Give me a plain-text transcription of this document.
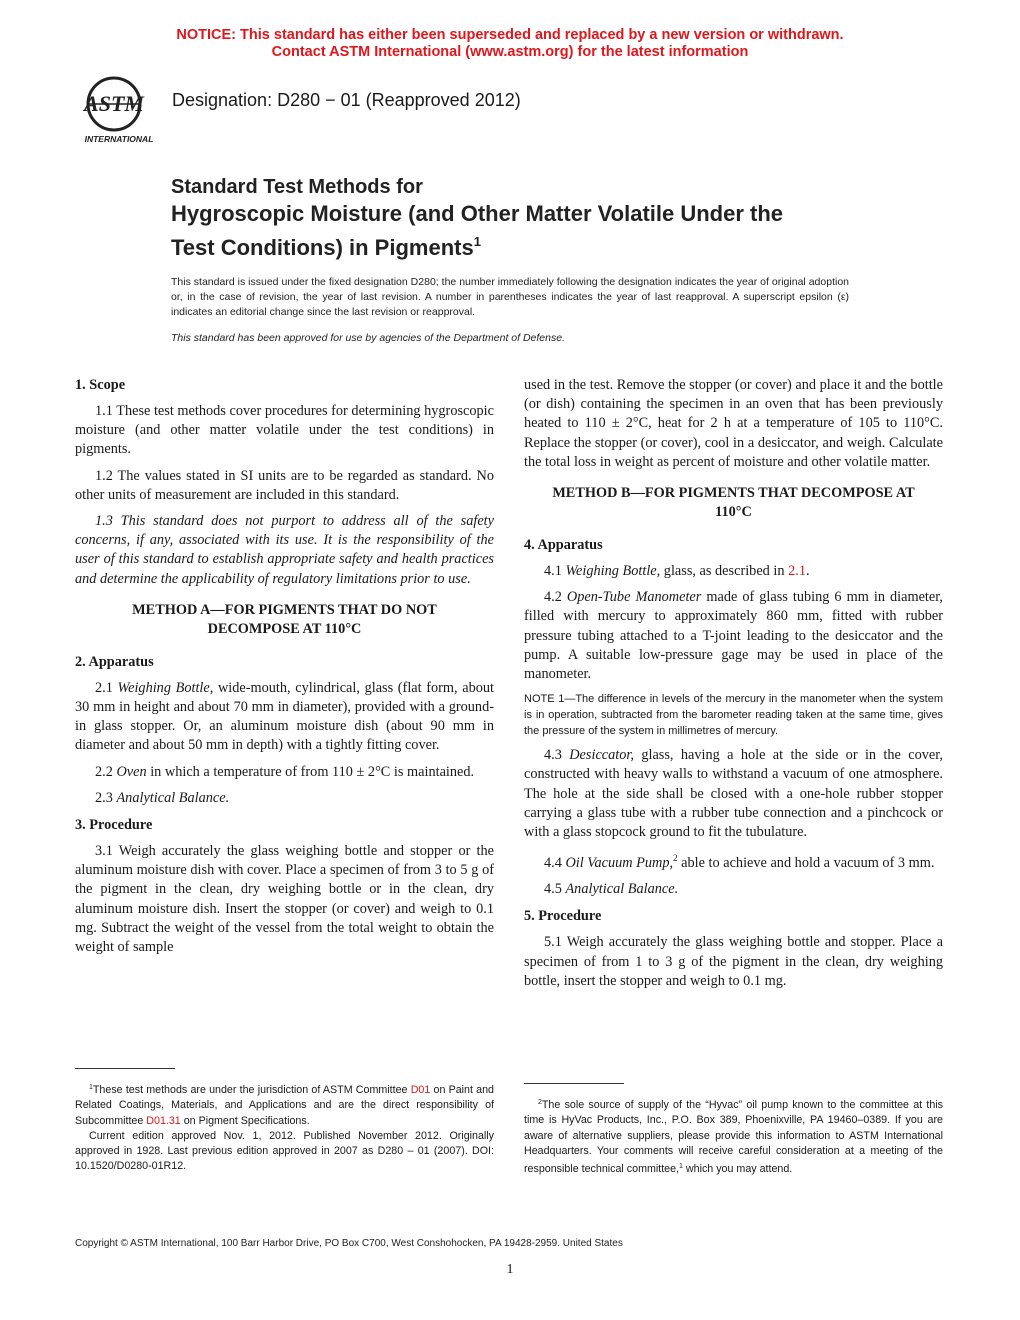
NOTICE: This standard has either been superseded and replaced by a new version or withdrawn.
Contact ASTM International (www.astm.org) for the latest information
ASTM
INTERNATIONAL
Designation: D280 − 01 (Reapproved 2012)
Standard Test Methods for
Hygroscopic Moisture (and Other Matter Volatile Under the
Test Conditions) in Pigments$^1$
This standard is issued under the fixed designation D280; the number immediately following the designation indicates the year of original adoption or, in the case of revision, the year of last revision. A number in parentheses indicates the year of last reapproval. A superscript epsilon (ε) indicates an editorial change since the last revision or reapproval.
This standard has been approved for use by agencies of the Department of Defense.
1. Scope

1.1 These test methods cover procedures for determining hygroscopic moisture (and other matter volatile under the test conditions) in pigments.

1.2 The values stated in SI units are to be regarded as standard. No other units of measurement are included in this standard.

1.3 This standard does not purport to address all of the safety concerns, if any, associated with its use. It is the responsibility of the user of this standard to establish appropriate safety and health practices and determine the applicability of regulatory limitations prior to use.

METHOD A—FOR PIGMENTS THAT DO NOT DECOMPOSE AT 110°C
2. Apparatus

2.1 Weighing Bottle, wide-mouth, cylindrical, glass (flat form, about 30 mm in height and about 70 mm in diameter), provided with a ground-in glass stopper. Or, an aluminum moisture dish (about 90 mm in diameter and about 50 mm in depth) with a tightly fitting cover.

2.2 Oven in which a temperature of from 110 ± 2°C is maintained.

2.3 Analytical Balance.

3. Procedure

3.1 Weigh accurately the glass weighing bottle and stopper or the aluminum moisture dish with cover. Place a specimen of from 3 to 5 g of the pigment in the clean, dry weighing bottle or in the clean, dry aluminum moisture dish. Insert the stopper (or cover) and weigh to 0.1 mg. Subtract the weight of the vessel from the total weight to obtain the weight of sample

used in the test. Remove the stopper (or cover) and place it and the bottle (or dish) containing the specimen in an oven that has been previously heated to 110 ± 2°C, heat for 2 h at a temperature of 105 to 110°C. Replace the stopper (or cover), cool in a desiccator, and weigh. Calculate the total loss in weight as percent of moisture and other volatile matter.

METHOD B—FOR PIGMENTS THAT DECOMPOSE AT 110°C
4. Apparatus

4.1 Weighing Bottle, glass, as described in 2.1.

4.2 Open-Tube Manometer made of glass tubing 6 mm in diameter, filled with mercury to approximately 860 mm, fitted with rubber pressure tubing attached to a T-joint leading to the desiccator and the pump. A suitable low-pressure gage may be used in place of the manometer.

NOTE 1—The difference in levels of the mercury in the manometer when the system is in operation, subtracted from the barometer reading taken at the same time, gives the pressure of the system in millimetres of mercury.

4.3 Desiccator, glass, having a hole at the side or in the cover, constructed with heavy walls to withstand a vacuum of one atmosphere. The hole at the side shall be closed with a one-hole rubber stopper carrying a glass tube with a rubber tube connection and a pinchcock or with a glass stopcock ground to fit the tubulature.

4.4 Oil Vacuum Pump,$^2$ able to achieve and hold a vacuum of 3 mm.

4.5 Analytical Balance.

5. Procedure

5.1 Weigh accurately the glass weighing bottle and stopper. Place a specimen of from 1 to 3 g of the pigment in the clean, dry weighing bottle, insert the stopper and weigh to 0.1 mg.

$^1$These test methods are under the jurisdiction of ASTM Committee D01 on Paint and Related Coatings, Materials, and Applications and are the direct responsibility of Subcommittee D01.31 on Pigment Specifications.

Current edition approved Nov. 1, 2012. Published November 2012. Originally approved in 1928. Last previous edition approved in 2007 as D280 – 01 (2007). DOI: 10.1520/D0280-01R12.

$^2$The sole source of supply of the “Hyvac” oil pump known to the committee at this time is HyVac Products, Inc., P.O. Box 389, Phoenixville, PA 19460–0389. If you are aware of alternative suppliers, please provide this information to ASTM International Headquarters. Your comments will receive careful consideration at a meeting of the responsible technical committee,$^1$ which you may attend.

Copyright © ASTM International, 100 Barr Harbor Drive, PO Box C700, West Conshohocken, PA 19428-2959. United States
1
